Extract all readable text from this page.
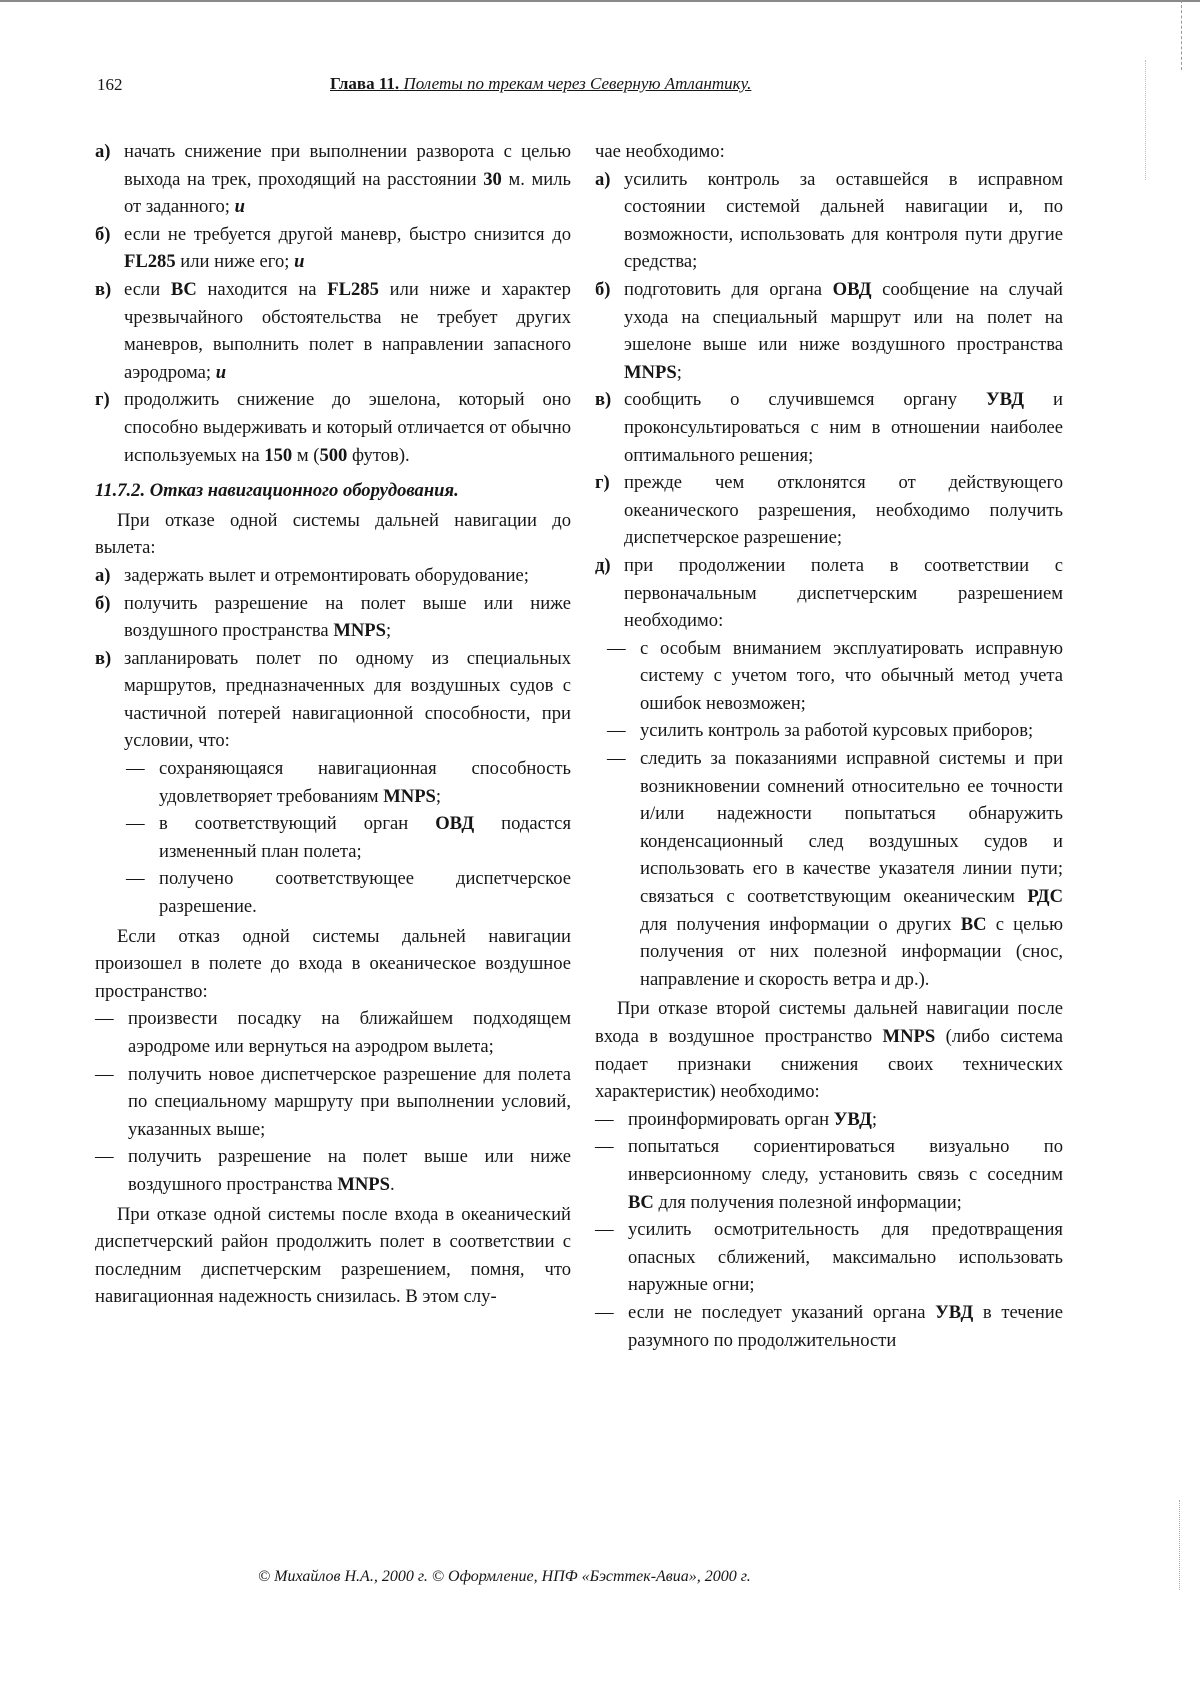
162	Глава 11. Полеты по трекам через Северную Атлантику.
а) начать снижение при выполнении разворота с целью выхода на трек, проходящий на расстоянии 30 м. миль от заданного; и
б) если не требуется другой маневр, быстро снизится до FL285 или ниже его; и
в) если ВС находится на FL285 или ниже и характер чрезвычайного обстоятельства не требует других маневров, выполнить полет в направлении запасного аэродрома; и
г) продолжить снижение до эшелона, который оно способно выдерживать и который отличается от обычно используемых на 150 м (500 футов).
11.7.2. Отказ навигационного оборудования.

При отказе одной системы дальней навигации до вылета:

а) задержать вылет и отремонтировать оборудование;
б) получить разрешение на полет выше или ниже воздушного пространства MNPS;
в) запланировать полет по одному из специальных маршрутов, предназначенных для воздушных судов с частичной потерей навигационной способности, при условии, что:
— сохраняющаяся навигационная способность удовлетворяет требованиям MNPS;
— в соответствующий орган ОВД подастся измененный план полета;
— получено соответствующее диспетчерское разрешение.

Если отказ одной системы дальней навигации произошел в полете до входа в океаническое воздушное пространство:

— произвести посадку на ближайшем подходящем аэродроме или вернуться на аэродром вылета;
— получить новое диспетчерское разрешение для полета по специальному маршруту при выполнении условий, указанных выше;
— получить разрешение на полет выше или ниже воздушного пространства MNPS.

При отказе одной системы после входа в океанический диспетчерский район продолжить полет в соответствии с последним диспетчерским разрешением, помня, что навигационная надежность снизилась. В этом слу-

чае необходимо:
а) усилить контроль за оставшейся в исправном состоянии системой дальней навигации и, по возможности, использовать для контроля пути другие средства;
б) подготовить для органа ОВД сообщение на случай ухода на специальный маршрут или на полет на эшелоне выше или ниже воздушного пространства MNPS;
в) сообщить о случившемся органу УВД и проконсультироваться с ним в отношении наиболее оптимального решения;
г) прежде чем отклонятся от действующего океанического разрешения, необходимо получить диспетчерское разрешение;
д) при продолжении полета в соответствии с первоначальным диспетчерским разрешением необходимо:
— с особым вниманием эксплуатировать исправную систему с учетом того, что обычный метод учета ошибок невозможен;
— усилить контроль за работой курсовых приборов;
— следить за показаниями исправной системы и при возникновении сомнений относительно ее точности и/или надежности попытаться обнаружить конденсационный след воздушных судов и использовать его в качестве указателя линии пути; связаться с соответствующим океаническим РДС для получения информации о других ВС с целью получения от них полезной информации (снос, направление и скорость ветра и др.).

При отказе второй системы дальней навигации после входа в воздушное пространство MNPS (либо система подает признаки снижения своих технических характеристик) необходимо:

— проинформировать орган УВД;
— попытаться сориентироваться визуально по инверсионному следу, установить связь с соседним ВС для получения полезной информации;
— усилить осмотрительность для предотвращения опасных сближений, максимально использовать наружные огни;
— если не последует указаний органа УВД в течение разумного по продолжительности
© Михайлов Н.А., 2000 г. © Оформление, НПФ «Бэсттек-Авиа», 2000 г.
